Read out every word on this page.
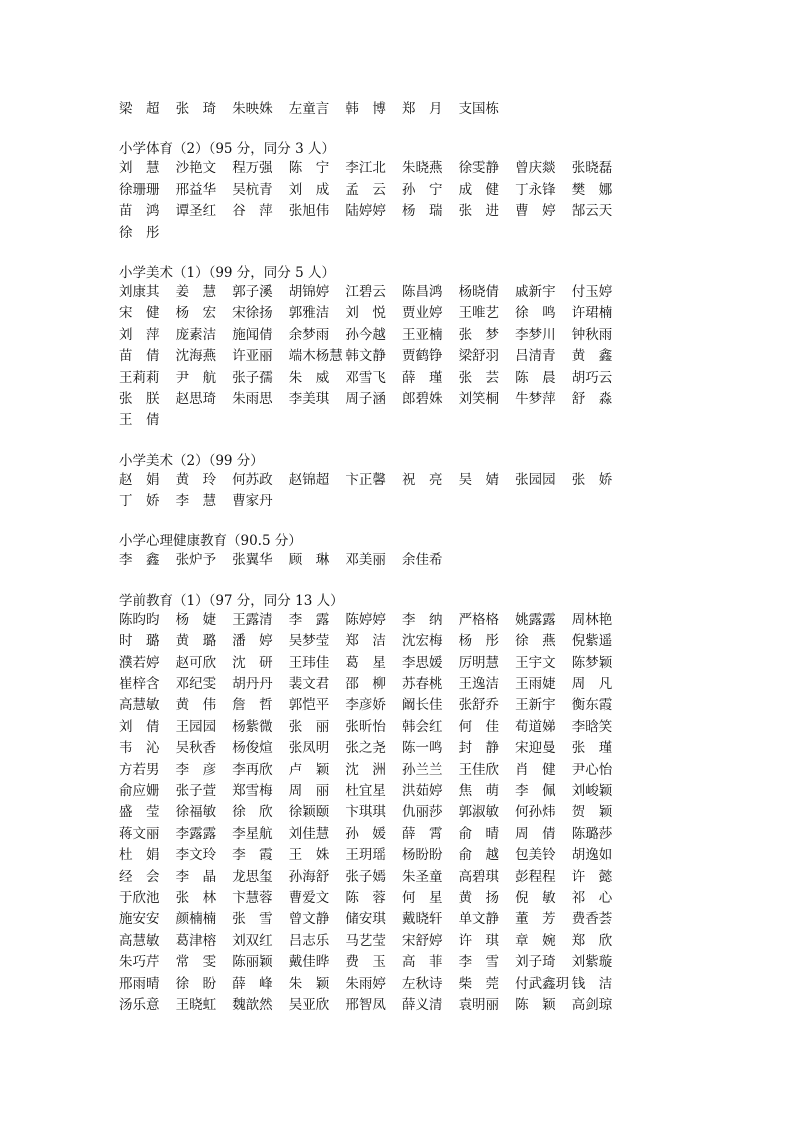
梁　超	张　琦	朱映姝	左童言	韩　博	郑　月	支国栋
小学体育（2）（95 分，同分 3 人）
刘　慧	沙艳文	程万强	陈　宁	李江北	朱晓燕	徐雯静	曾庆燚	张晓磊
徐珊珊	邢益华	吴杭青	刘　成	孟　云	孙　宁	成　健	丁永锋	樊　娜
苗　鸿	谭圣红	谷　萍	张旭伟	陆婷婷	杨　瑞	张　进	曹　婷	郜云天
徐　彤
小学美术（1）（99 分，同分 5 人）
刘康其	姜　慧	郭子溪	胡锦婷	江碧云	陈昌鸿	杨晓倩	戚新宇	付玉婷
宋　健	杨　宏	宋徐扬	郭雅洁	刘　悦	贾业婷	王唯艺	徐　鸣	许珺楠
刘　萍	庞素洁	施闻倩	余梦雨	孙今越	王亚楠	张　梦	李梦川	钟秋雨
苗　倩	沈海燕	许亚丽	端木杨慧 韩文静	贾鹤铮	梁舒羽	吕清青	黄　鑫
王莉莉	尹　航	张子孺	朱　威	邓雪飞	薛　瑾	张　芸	陈　晨	胡巧云
张　朕	赵思琦	朱雨思	李美琪	周子涵	郎碧姝	刘笑桐	牛梦萍	舒　淼
王　倩
小学美术（2）（99 分）
赵　娟	黄　玲	何苏政	赵锦超	卞正馨	祝　亮	吴　婧	张园园	张　娇
丁　娇	李　慧	曹家丹
小学心理健康教育（90.5 分）
李　鑫	张炉予	张翼华	顾　琳	邓美丽	余佳希
学前教育（1）（97 分，同分 13 人）
陈昀昀	杨　婕	王露清	李　露	陈婷婷	李　纳	严格格	姚露露	周林艳
时　璐	黄　璐	潘　婷	吴梦莹	郑　洁	沈宏梅	杨　彤	徐　燕	倪紫遥
濮若婷	赵可欣	沈　研	王玮佳	葛　星	李思媛	厉明慧	王宇文	陈梦颖
崔梓含	邓纪雯	胡丹丹	裴文君	邵　柳	苏春桃	王逸洁	王雨婕	周　凡
高慧敏	黄　伟	詹　哲	郭恺平	李彦娇	阚长佳	张舒乔	王新宇	衡东霞
刘　倩	王园园	杨紫微	张　丽	张昕怡	韩会红	何　佳	荀道娣	李晗笑
韦　沁	吴秋香	杨俊煊	张凤明	张之尧	陈一鸣	封　静	宋迎曼	张　瑾
方若男	李　彦	李再欣	卢　颖	沈　洲	孙兰兰	王佳欣	肖　健	尹心怡
俞应姗	张子萱	郑雪梅	周　丽	杜宜星	洪茹婷	焦　萌	李　佩	刘峻颖
盛　莹	徐福敏	徐　欣	徐颖颐	卞琪琪	仇丽莎	郭淑敏	何孙炜	贺　颖
蒋文丽	李露露	李星航	刘佳慧	孙　媛	薛　霄	俞　晴	周　倩	陈璐莎
杜　娟	李文玲	李　霞	王　姝	王玥瑶	杨盼盼	俞　越	包美铃	胡逸如
经　会	李　晶	龙思玺	孙海舒	张子嫣	朱圣童	高碧琪	彭程程	许　懿
于欣池	张　林	卞慧蓉	曹爱文	陈　蓉	何　星	黄　扬	倪　敏	祁　心
施安安	颜楠楠	张　雪	曾文静	储安琪	戴晓轩	单文静	董　芳	费香荟
高慧敏	葛津榕	刘双红	吕志乐	马艺莹	宋舒婷	许　琪	章　婉	郑　欣
朱巧芹	常　雯	陈丽颖	戴佳晔	费　玉	高　菲	李　雪	刘子琦	刘紫璇
邢雨晴	徐　盼	薛　峰	朱　颖	朱雨婷	左秋诗	柴　莞	付武鑫玥 钱　洁
汤乐意	王晓虹	魏歆然	吴亚欣	邢智凤	薛义清	袁明丽	陈　颖	高剑琼
